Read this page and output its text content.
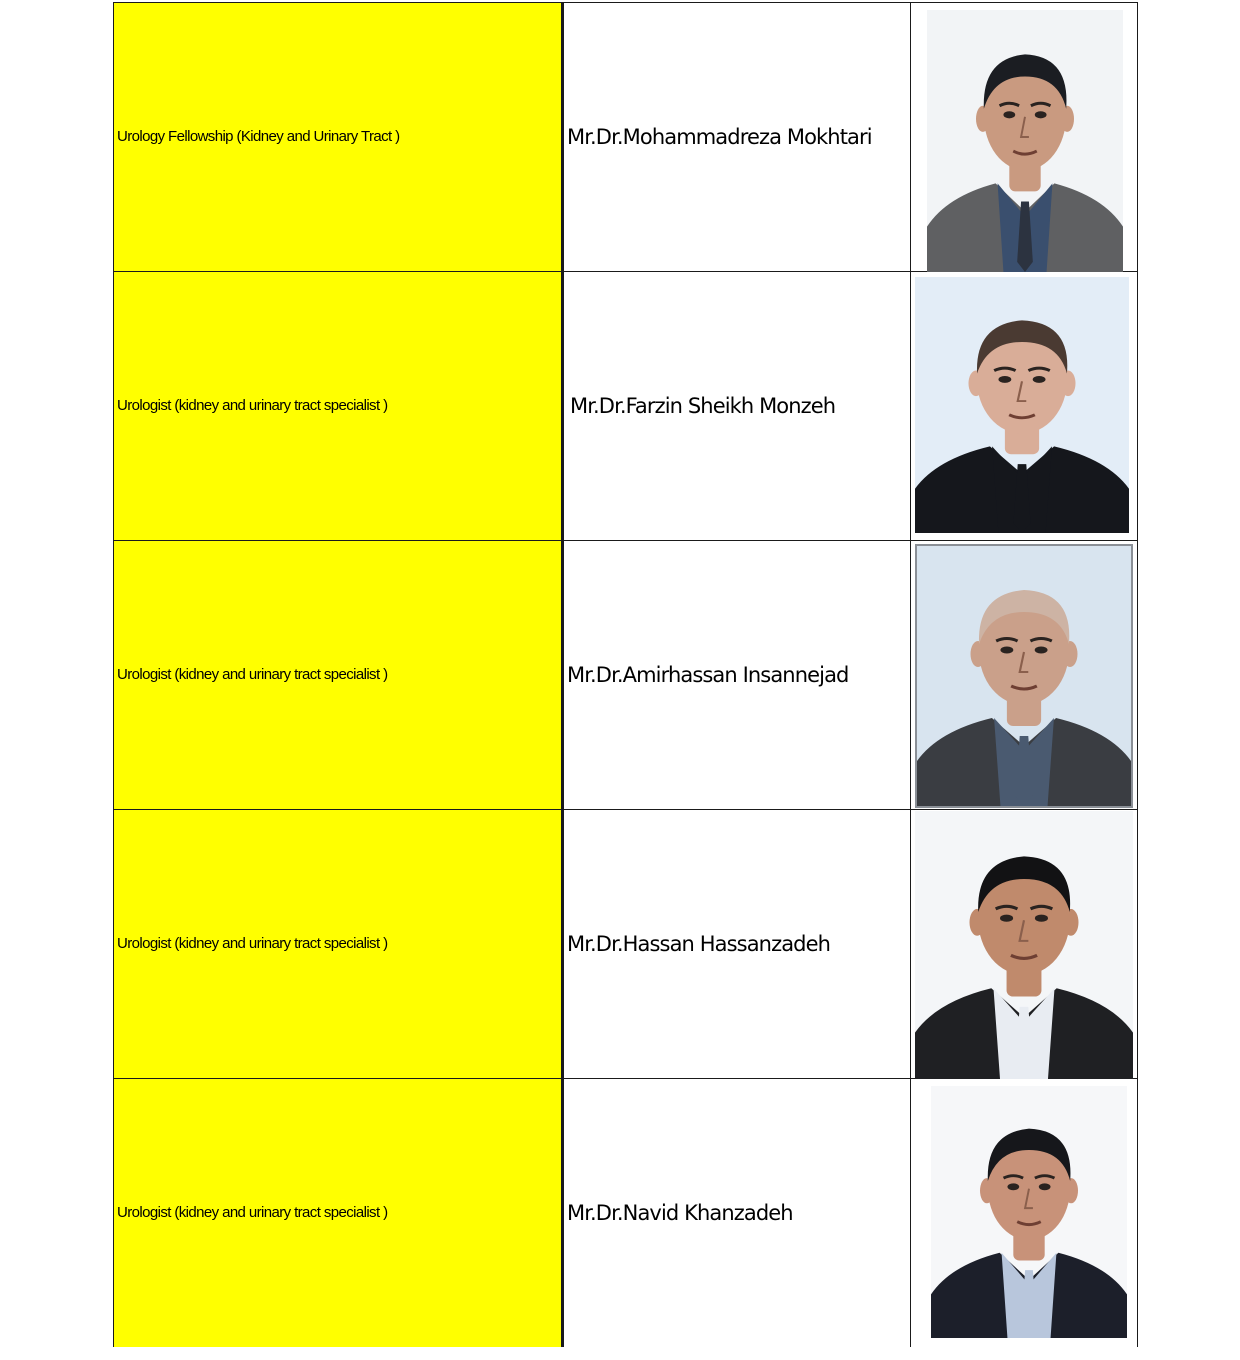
Urology Fellowship (Kidney and Urinary Tract )	Mr.Dr.Mohammadreza Mokhtari	

Urologist (kidney and urinary tract specialist )	Mr.Dr.Farzin Sheikh Monzeh	

Urologist (kidney and urinary tract specialist )	Mr.Dr.Amirhassan Insannejad	

Urologist (kidney and urinary tract specialist )	Mr.Dr.Hassan Hassanzadeh	

Urologist (kidney and urinary tract specialist )	Mr.Dr.Navid Khanzadeh	
